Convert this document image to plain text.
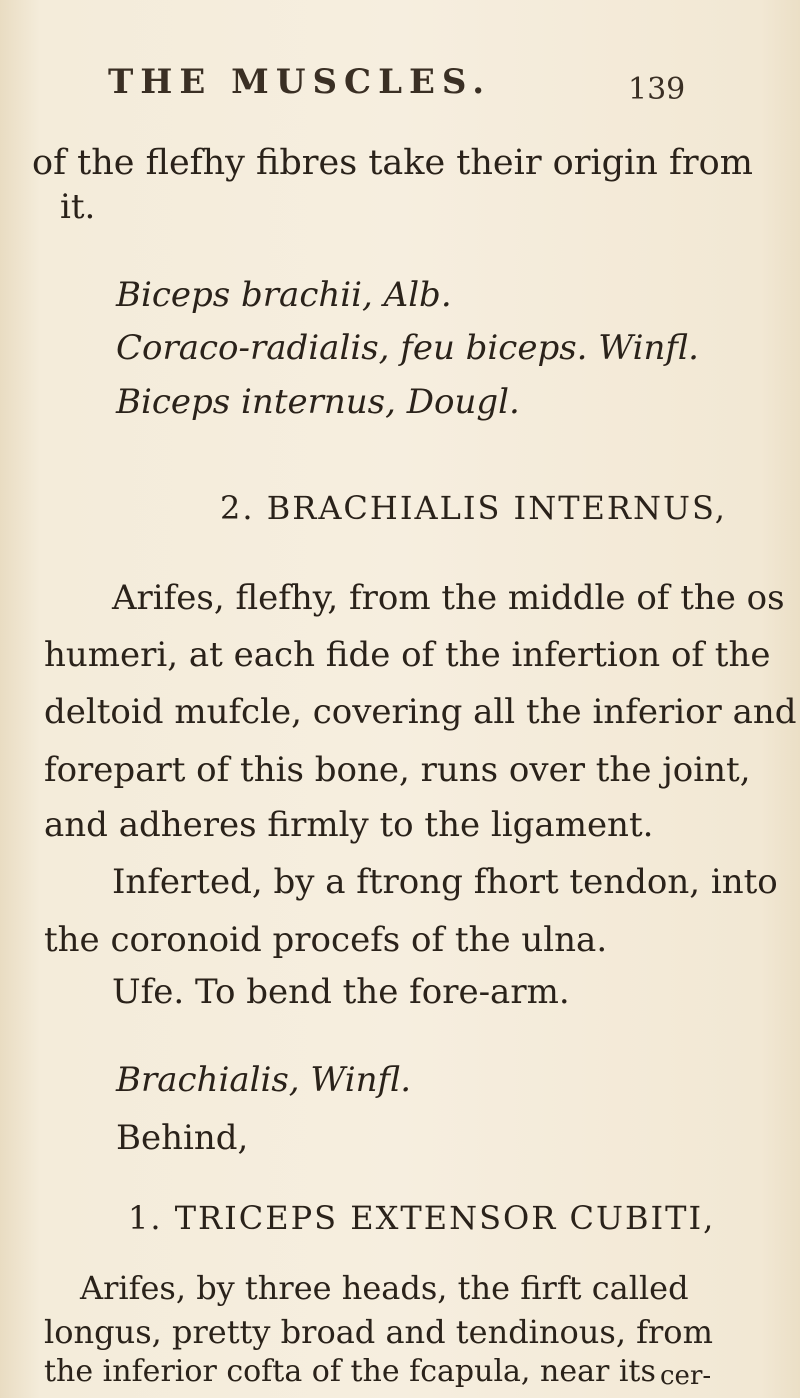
THE MUSCLES.	139
of the flefhy fibres take their origin from
it.
Biceps brachii, Alb.
Coraco-radialis, feu biceps. Winfl.
Biceps internus, Dougl.
2. BRACHIALIS INTERNUS,
Arifes, flefhy, from the middle of the os
humeri, at each fide of the infertion of the
deltoid mufcle, covering all the inferior and
forepart of this bone, runs over the joint,
and adheres firmly to the ligament.
Inferted, by a ftrong fhort tendon, into
the coronoid procefs of the ulna.
Ufe. To bend the fore-arm.
Brachialis, Winfl.
Behind,
1. TRICEPS EXTENSOR CUBITI,
Arifes, by three heads, the firft called
longus, pretty broad and tendinous, from
the inferior cofta of the fcapula, near its cer-
